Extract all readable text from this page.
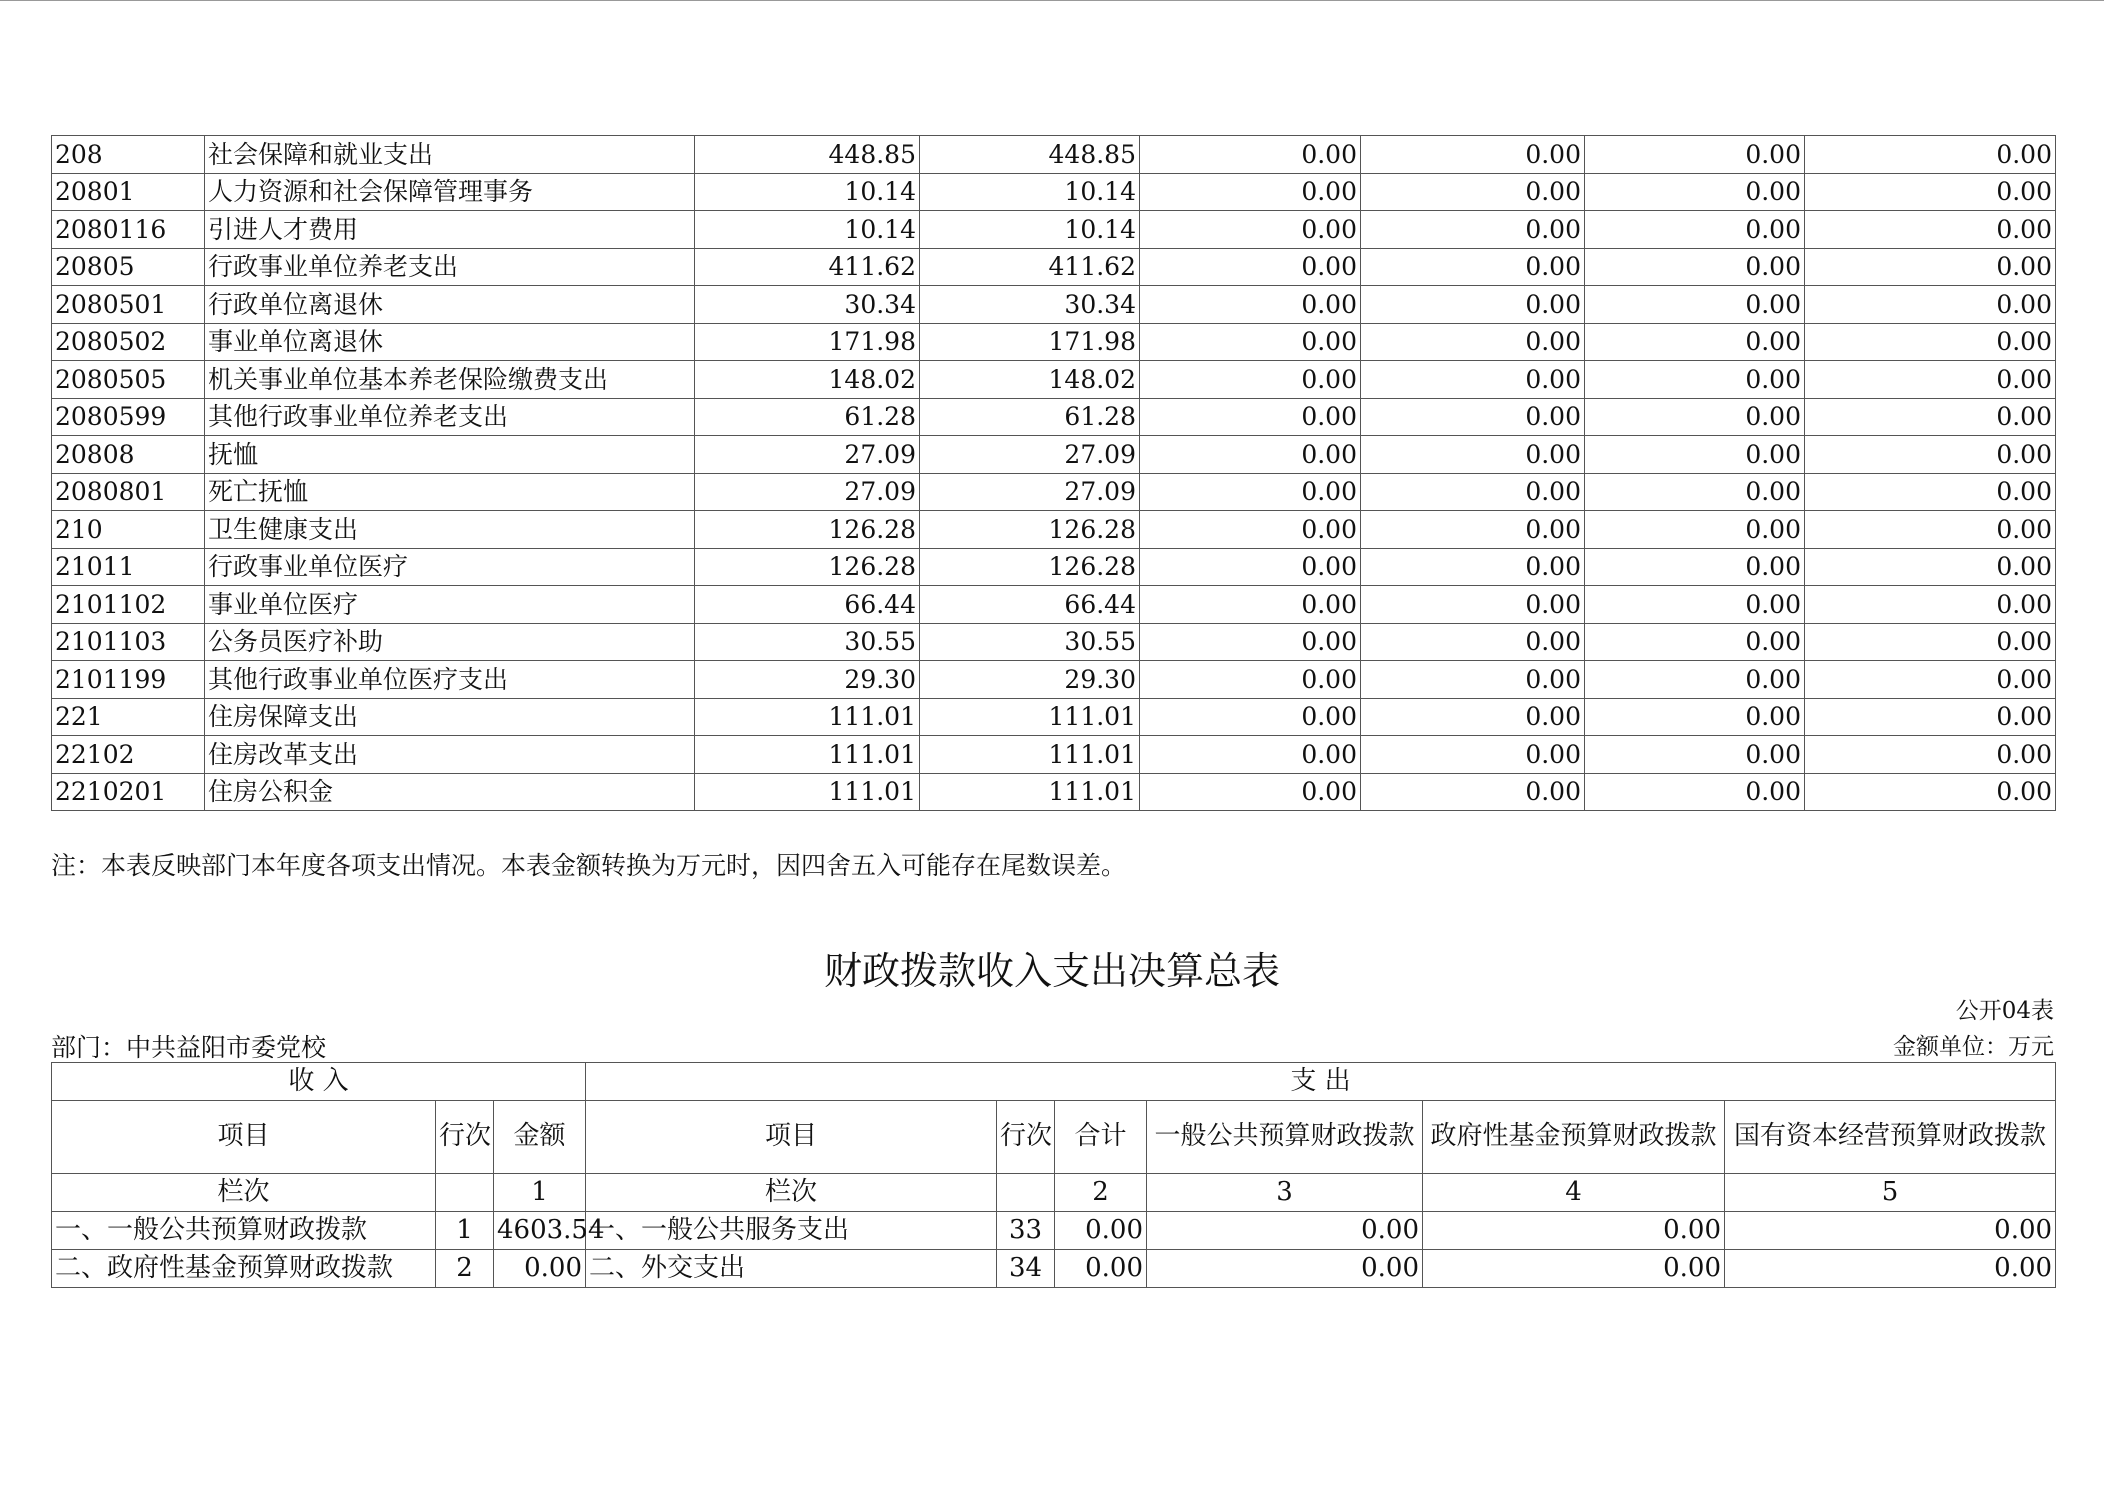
208	社会保障和就业支出	448.85	448.85	0.00	0.00	0.00	0.00
20801	人力资源和社会保障管理事务	10.14	10.14	0.00	0.00	0.00	0.00
2080116	引进人才费用	10.14	10.14	0.00	0.00	0.00	0.00
20805	行政事业单位养老支出	411.62	411.62	0.00	0.00	0.00	0.00
2080501	行政单位离退休	30.34	30.34	0.00	0.00	0.00	0.00
2080502	事业单位离退休	171.98	171.98	0.00	0.00	0.00	0.00
2080505	机关事业单位基本养老保险缴费支出	148.02	148.02	0.00	0.00	0.00	0.00
2080599	其他行政事业单位养老支出	61.28	61.28	0.00	0.00	0.00	0.00
20808	抚恤	27.09	27.09	0.00	0.00	0.00	0.00
2080801	死亡抚恤	27.09	27.09	0.00	0.00	0.00	0.00
210	卫生健康支出	126.28	126.28	0.00	0.00	0.00	0.00
21011	行政事业单位医疗	126.28	126.28	0.00	0.00	0.00	0.00
2101102	事业单位医疗	66.44	66.44	0.00	0.00	0.00	0.00
2101103	公务员医疗补助	30.55	30.55	0.00	0.00	0.00	0.00
2101199	其他行政事业单位医疗支出	29.30	29.30	0.00	0.00	0.00	0.00
221	住房保障支出	111.01	111.01	0.00	0.00	0.00	0.00
22102	住房改革支出	111.01	111.01	0.00	0.00	0.00	0.00
2210201	住房公积金	111.01	111.01	0.00	0.00	0.00	0.00
注：本表反映部门本年度各项支出情况。本表金额转换为万元时，因四舍五入可能存在尾数误差。
财政拨款收入支出决算总表
公开04表
部门：中共益阳市委党校	金额单位：万元
收 入			支 出					
项目	行次	金额	项目	行次	合计	一般公共预算财政拨款	政府性基金预算财政拨款	国有资本经营预算财政拨款
栏次		1	栏次		2	3	4	5
一、一般公共预算财政拨款	1	4603.54	一、一般公共服务支出	33	0.00	0.00	0.00	0.00
二、政府性基金预算财政拨款	2	0.00	二、外交支出	34	0.00	0.00	0.00	0.00
